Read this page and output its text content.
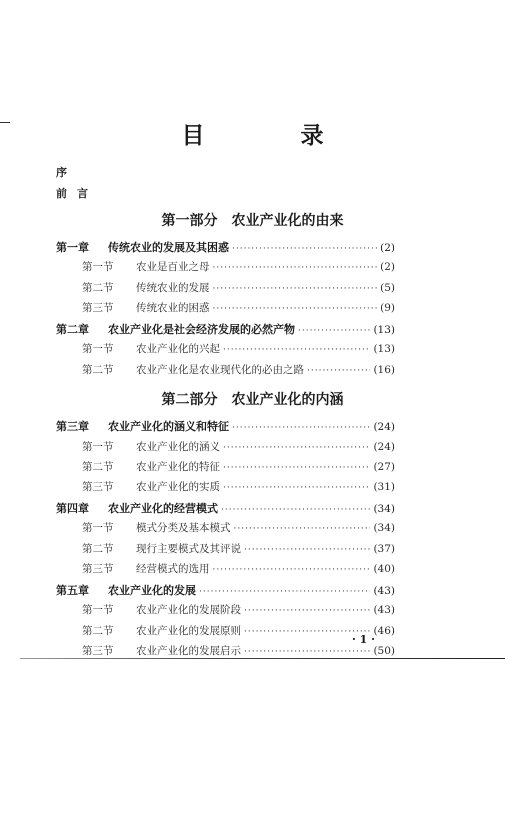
目 录
序
前言
第一部分　农业产业化的由来
第二部分　农业产业化的内涵
第一章	传统农业的发展及其困惑 ·····	(2)
第一节	农业是百业之母 ·····	(2)
第二节	传统农业的发展 ·····	(5)
第三节	传统农业的困惑 ·····	(9)
第二章	农业产业化是社会经济发展的必然产物 ·····	(13)
第一节	农业产业化的兴起 ·····	(13)
第二节	农业产业化是农业现代化的必由之路 ·····	(16)
第三章	农业产业化的涵义和特征 ·····	(24)
第一节	农业产业化的涵义 ·····	(24)
第二节	农业产业化的特征 ·····	(27)
第三节	农业产业化的实质 ·····	(31)
第四章	农业产业化的经营模式 ·····	(34)
第一节	模式分类及基本模式 ·····	(34)
第二节	现行主要模式及其评说 ·····	(37)
第三节	经营模式的选用 ·····	(40)
第五章	农业产业化的发展 ·····	(43)
第一节	农业产业化的发展阶段 ·····	(43)
第二节	农业产业化的发展原则 ·····	(46)
第三节	农业产业化的发展启示 ·····	(50)
· 1 ·
